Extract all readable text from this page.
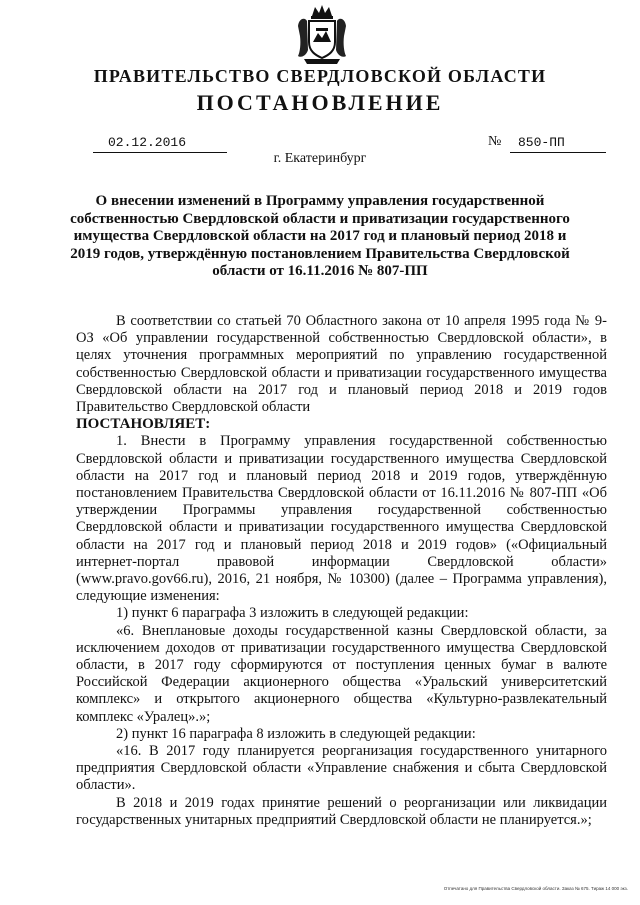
ПРАВИТЕЛЬСТВО СВЕРДЛОВСКОЙ ОБЛАСТИ
ПОСТАНОВЛЕНИЕ
02.12.2016	№ 850-ПП
г. Екатеринбург
О внесении изменений в Программу управления государственной собственностью Свердловской области и приватизации государственного имущества Свердловской области на 2017 год и плановый период 2018 и 2019 годов, утверждённую постановлением Правительства Свердловской области от 16.11.2016 № 807-ПП

В соответствии со статьей 70 Областного закона от 10 апреля 1995 года № 9-ОЗ «Об управлении государственной собственностью Свердловской области», в целях уточнения программных мероприятий по управлению государственной собственностью Свердловской области и приватизации государственного имущества Свердловской области на 2017 год и плановый период 2018 и 2019 годов Правительство Свердловской области

ПОСТАНОВЛЯЕТ:

1. Внести в Программу управления государственной собственностью Свердловской области и приватизации государственного имущества Свердловской области на 2017 год и плановый период 2018 и 2019 годов, утверждённую постановлением Правительства Свердловской области от 16.11.2016 № 807-ПП «Об утверждении Программы управления государственной собственностью Свердловской области и приватизации государственного имущества Свердловской области на 2017 год и плановый период 2018 и 2019 годов» («Официальный интернет-портал правовой информации Свердловской области» (www.pravo.gov66.ru), 2016, 21 ноября, № 10300) (далее – Программа управления), следующие изменения:

1) пункт 6 параграфа 3 изложить в следующей редакции:

«6. Внеплановые доходы государственной казны Свердловской области, за исключением доходов от приватизации государственного имущества Свердловской области, в 2017 году сформируются от поступления ценных бумаг в валюте Российской Федерации акционерного общества «Уральский университетский комплекс» и открытого акционерного общества «Культурно-развлекательный комплекс «Уралец».»;

2) пункт 16 параграфа 8 изложить в следующей редакции:

«16. В 2017 году планируется реорганизация государственного унитарного предприятия Свердловской области «Управление снабжения и сбыта Свердловской области».

В 2018 и 2019 годах принятие решений о реорганизации или ликвидации государственных унитарных предприятий Свердловской области не планируется.»;

Отпечатано для Правительства Свердловской области. Заказ № 675. Тираж 14 000 экз.
